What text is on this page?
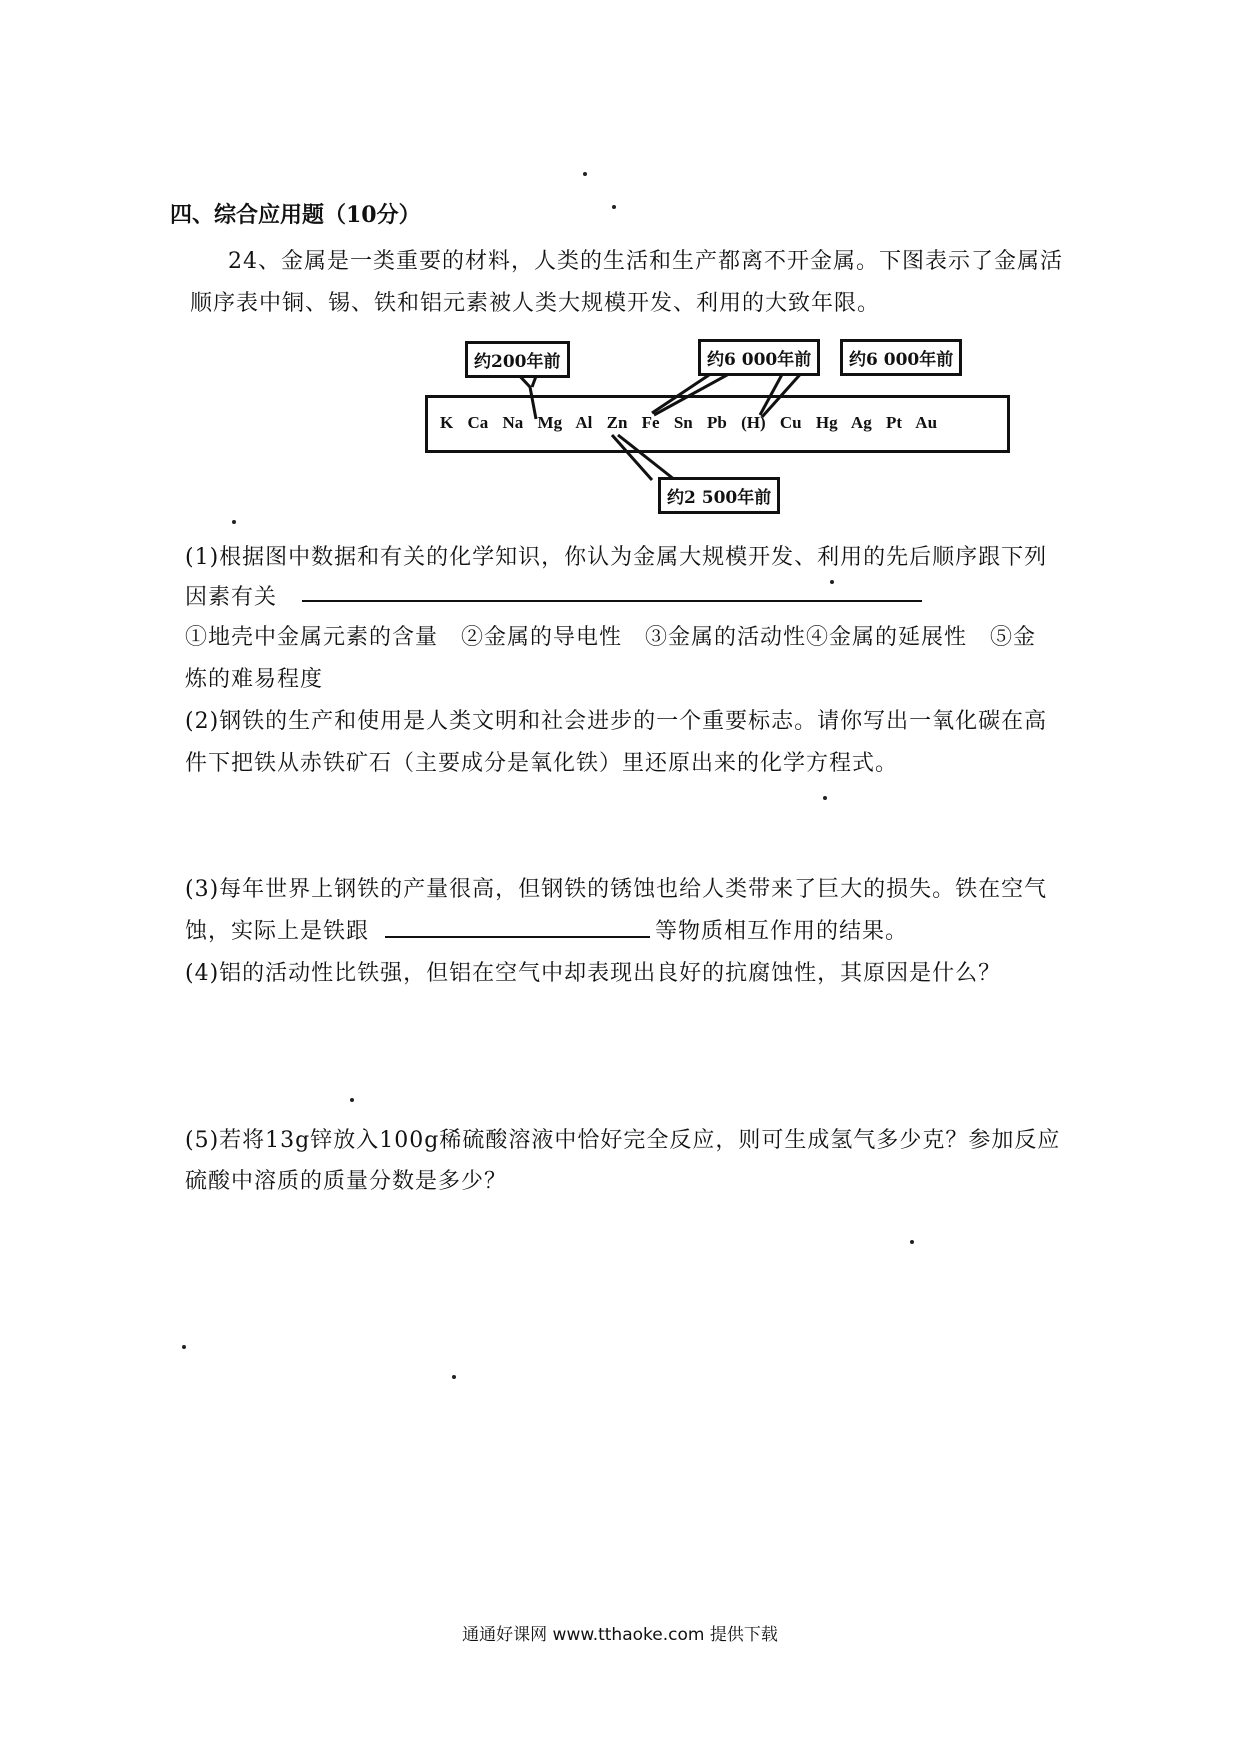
四、综合应用题（10分）
24、金属是一类重要的材料，人类的生活和生产都离不开金属。下图表示了金属活
顺序表中铜、锡、铁和铝元素被人类大规模开发、利用的大致年限。
K Ca Na Mg Al Zn Fe Sn Pb (H) Cu Hg Ag Pt Au
约200年前	约6 000年前	约6 000年前
约2 500年前
(1)根据图中数据和有关的化学知识，你认为金属大规模开发、利用的先后顺序跟下列
因素有关
①地壳中金属元素的含量　②金属的导电性　③金属的活动性④金属的延展性　⑤金
炼的难易程度
(2)钢铁的生产和使用是人类文明和社会进步的一个重要标志。请你写出一氧化碳在高
件下把铁从赤铁矿石（主要成分是氧化铁）里还原出来的化学方程式。
(3)每年世界上钢铁的产量很高，但钢铁的锈蚀也给人类带来了巨大的损失。铁在空气
蚀，实际上是铁跟	等物质相互作用的结果。
(4)铝的活动性比铁强，但铝在空气中却表现出良好的抗腐蚀性，其原因是什么？
(5)若将13g锌放入100g稀硫酸溶液中恰好完全反应，则可生成氢气多少克？参加反应
硫酸中溶质的质量分数是多少？
通通好课网 www.tthaoke.com 提供下载
